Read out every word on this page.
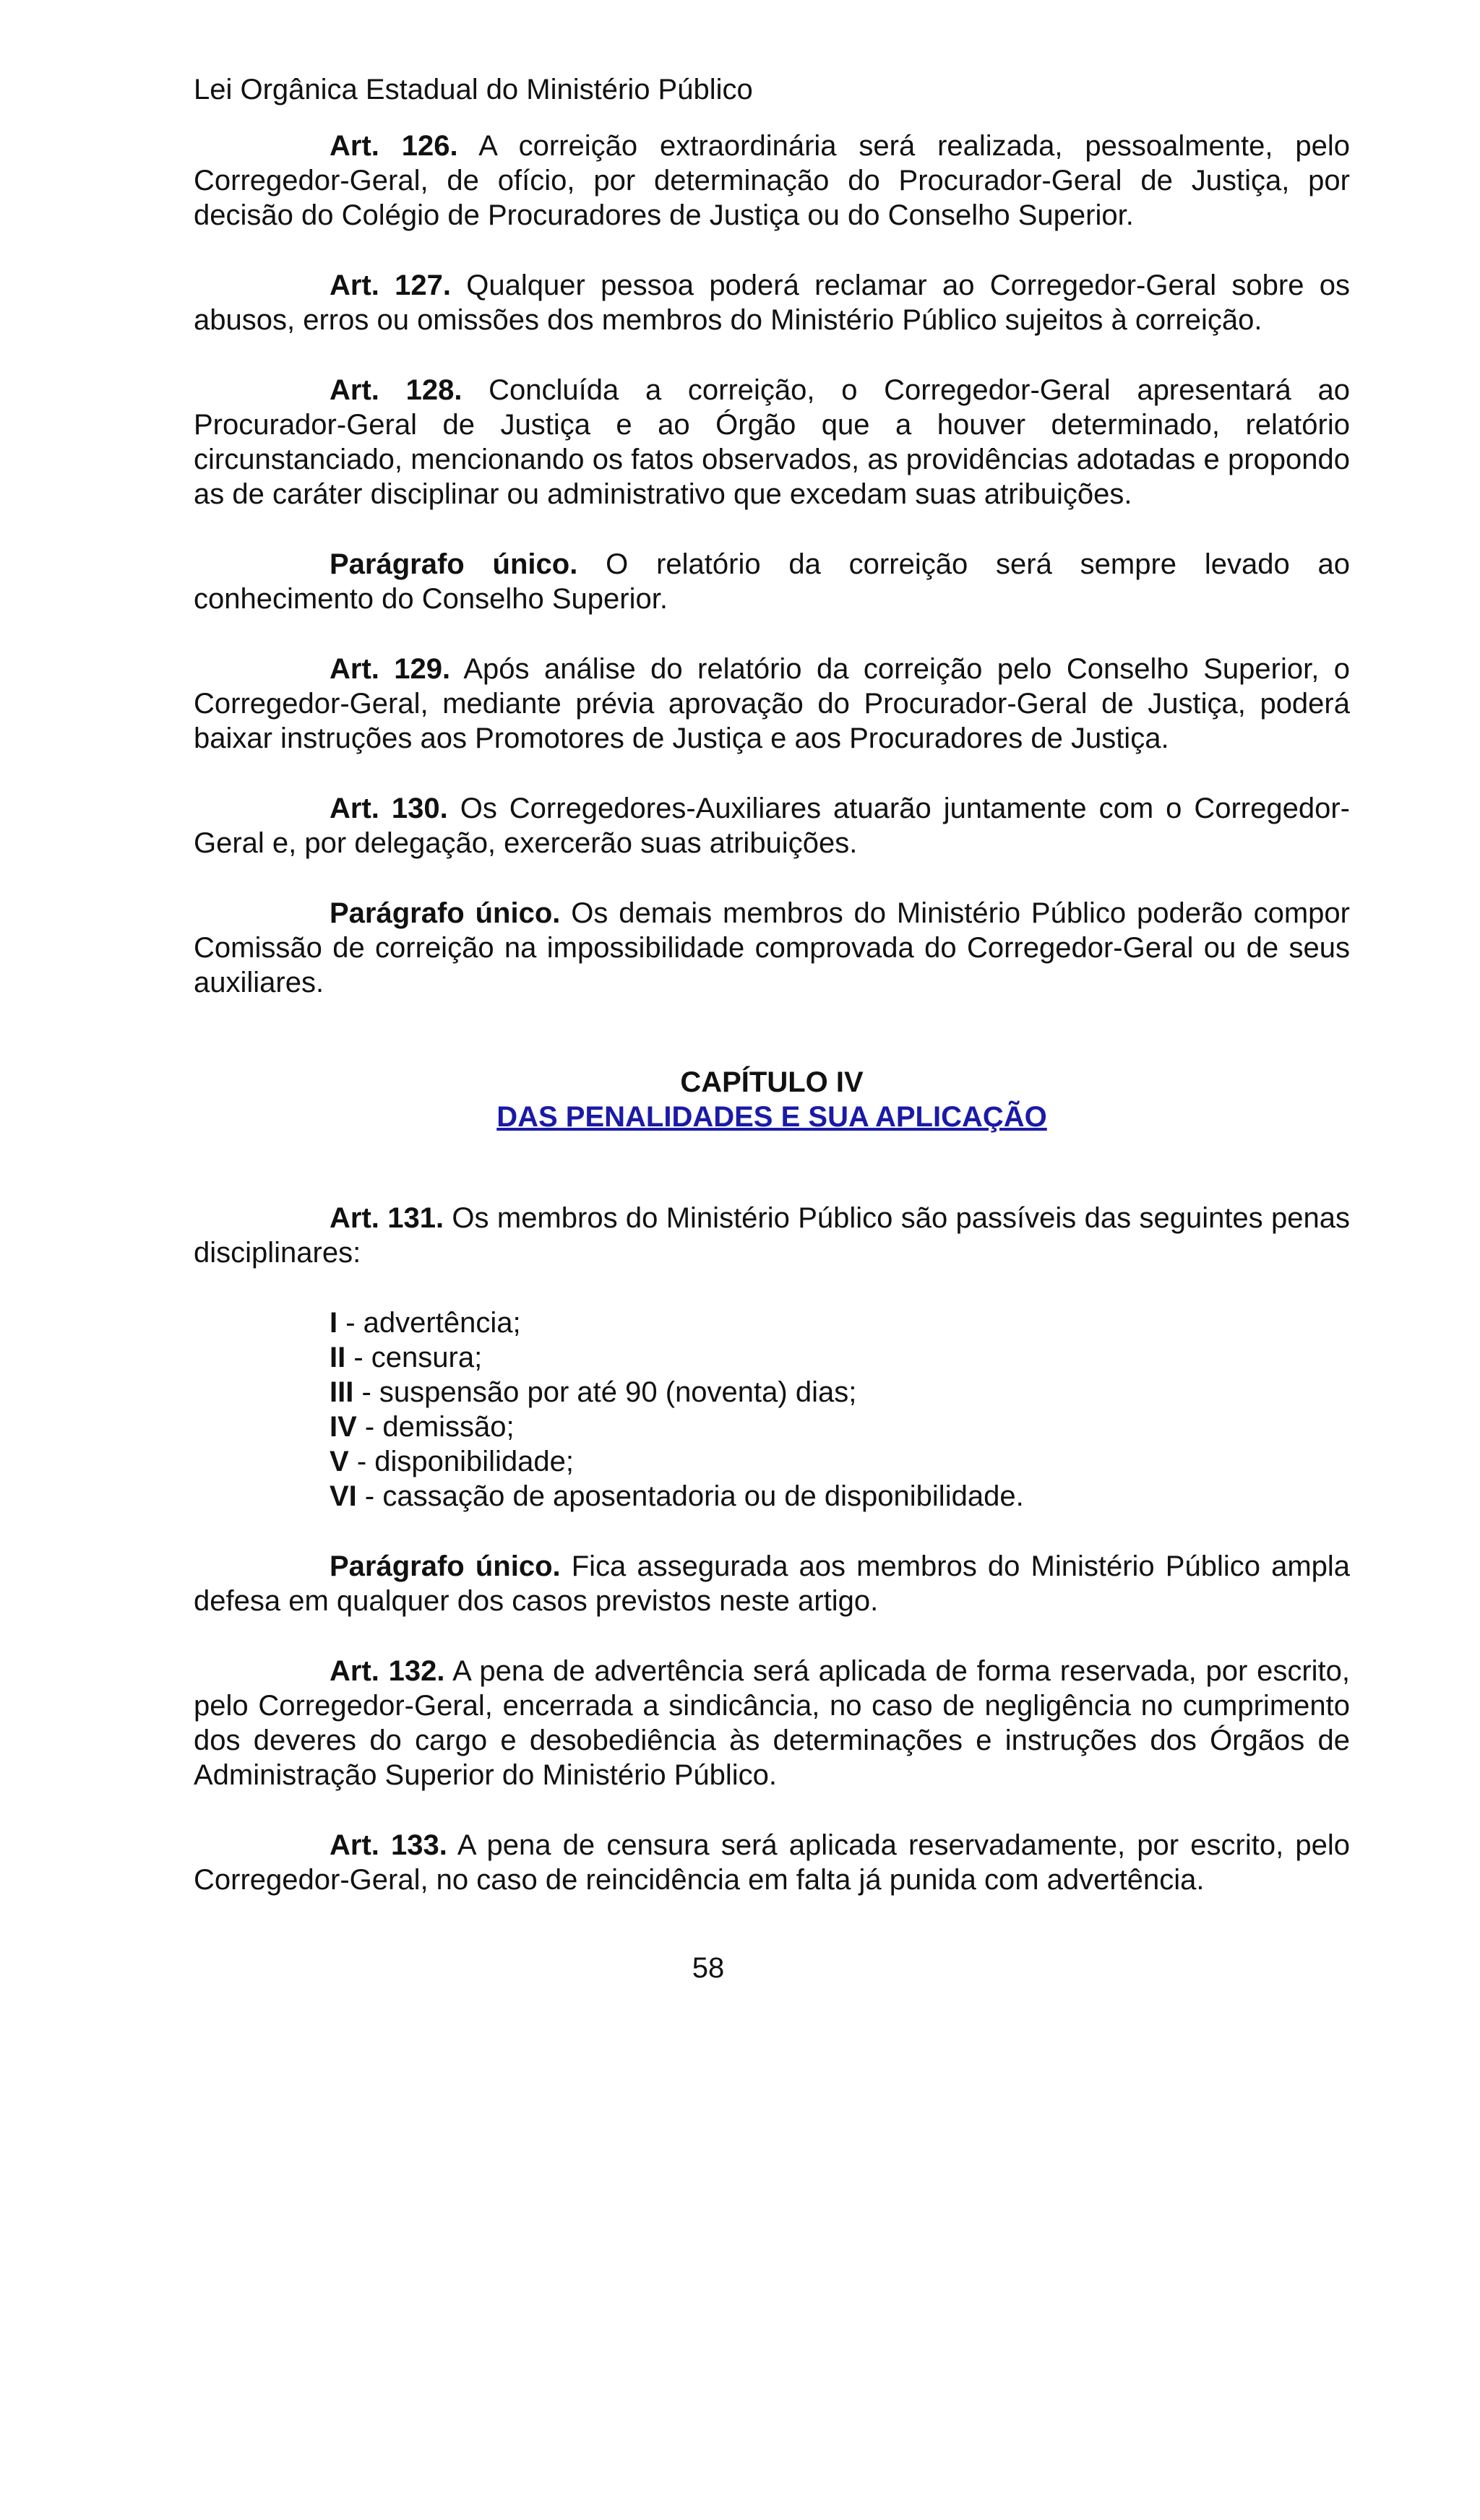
Lei Orgânica Estadual do Ministério Público

Art. 126. A correição extraordinária será realizada, pessoalmente, pelo Corregedor-Geral, de ofício, por determinação do Procurador-Geral de Justiça, por decisão do Colégio de Procuradores de Justiça ou do Conselho Superior.

Art. 127. Qualquer pessoa poderá reclamar ao Corregedor-Geral sobre os abusos, erros ou omissões dos membros do Ministério Público sujeitos à correição.

Art. 128. Concluída a correição, o Corregedor-Geral apresentará ao Procurador-Geral de Justiça e ao Órgão que a houver determinado, relatório circunstanciado, mencionando os fatos observados, as providências adotadas e propondo as de caráter disciplinar ou administrativo que excedam suas atribuições.

Parágrafo único. O relatório da correição será sempre levado ao conhecimento do Conselho Superior.

Art. 129. Após análise do relatório da correição pelo Conselho Superior, o Corregedor-Geral, mediante prévia aprovação do Procurador-Geral de Justiça, poderá baixar instruções aos Promotores de Justiça e aos Procuradores de Justiça.

Art. 130. Os Corregedores-Auxiliares atuarão juntamente com o Corregedor-Geral e, por delegação, exercerão suas atribuições.

Parágrafo único. Os demais membros do Ministério Público poderão compor Comissão de correição na impossibilidade comprovada do Corregedor-Geral ou de seus auxiliares.

CAPÍTULO IV
DAS PENALIDADES E SUA APLICAÇÃO

Art. 131. Os membros do Ministério Público são passíveis das seguintes penas disciplinares:

I - advertência;
II - censura;
III - suspensão por até 90 (noventa) dias;
IV - demissão;
V - disponibilidade;
VI - cassação de aposentadoria ou de disponibilidade.

Parágrafo único. Fica assegurada aos membros do Ministério Público ampla defesa em qualquer dos casos previstos neste artigo.

Art. 132. A pena de advertência será aplicada de forma reservada, por escrito, pelo Corregedor-Geral, encerrada a sindicância, no caso de negligência no cumprimento dos deveres do cargo e desobediência às determinações e instruções dos Órgãos de Administração Superior do Ministério Público.

Art. 133. A pena de censura será aplicada reservadamente, por escrito, pelo Corregedor-Geral, no caso de reincidência em falta já punida com advertência.

58
